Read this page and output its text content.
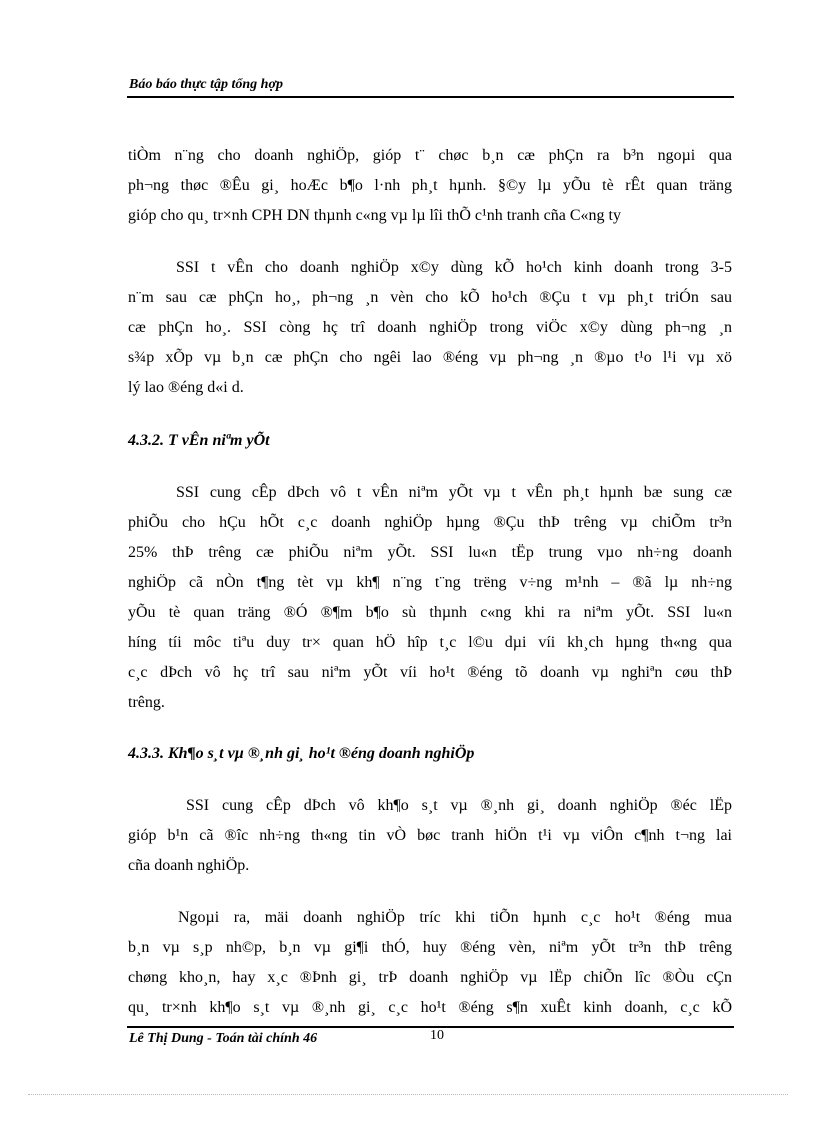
Báo báo thực tập tổng hợp
tiÒm n¨ng cho doanh nghiÖp, gióp t¨ chøc b¸n cæ phÇn ra b³n ngoµi qua
ph¬ng thøc ®Êu gi¸ hoÆc b¶o l·nh ph¸t hµnh. §©y lµ yÕu tè rÊt quan träng
gióp cho qu¸ tr×nh CPH DN thµnh c«ng vµ lµ lîi thÕ c¹nh tranh cña C«ng ty
SSI t vÊn cho doanh nghiÖp x©y dùng kÕ ho¹ch kinh doanh trong 3-5
n¨m sau cæ phÇn ho¸, ph¬ng ¸n vèn cho kÕ ho¹ch ®Çu t vµ ph¸t triÓn sau
cæ phÇn ho¸. SSI còng hç trî doanh nghiÖp trong viÖc x©y dùng ph¬ng ¸n
s¾p xÕp vµ b¸n cæ phÇn cho ngêi lao ®éng vµ ph¬ng ¸n ®µo t¹o l¹i vµ xö
lý lao ®éng d«i d.
4.3.2. T vÊn niªm yÕt
SSI cung cÊp dÞch vô t vÊn niªm yÕt vµ t vÊn ph¸t hµnh bæ sung cæ
phiÕu cho hÇu hÕt c¸c doanh nghiÖp hµng ®Çu thÞ trêng vµ chiÕm tr³n
25% thÞ trêng cæ phiÕu niªm yÕt. SSI lu«n tËp trung vµo nh÷ng doanh
nghiÖp cã nÒn t¶ng tèt vµ kh¶ n¨ng t¨ng trëng v÷ng m¹nh – ®ã lµ nh÷ng
yÕu tè quan träng ®Ó ®¶m b¶o sù thµnh c«ng khi ra niªm yÕt. SSI lu«n
híng tíi môc tiªu duy tr× quan hÖ hîp t¸c l©u dµi víi kh¸ch hµng th«ng qua
c¸c dÞch vô hç trî sau niªm yÕt víi ho¹t ®éng tõ doanh vµ nghiªn cøu thÞ
trêng.
4.3.3. Kh¶o s¸t vµ ®¸nh gi¸ ho¹t ®éng doanh nghiÖp
SSI cung cÊp dÞch vô kh¶o s¸t vµ ®¸nh gi¸ doanh nghiÖp ®éc lËp
gióp b¹n cã ®îc nh÷ng th«ng tin vÒ bøc tranh hiÖn t¹i vµ viÔn c¶nh t¬ng lai
cña doanh nghiÖp.
Ngoµi ra, mäi doanh nghiÖp tríc khi tiÕn hµnh c¸c ho¹t ®éng mua
b¸n vµ s¸p nh©p, b¸n vµ gi¶i thÓ, huy ®éng vèn, niªm yÕt tr³n thÞ trêng
chøng kho¸n, hay x¸c ®Þnh gi¸ trÞ doanh nghiÖp vµ lËp chiÕn lîc ®Òu cÇn
qu¸ tr×nh kh¶o s¸t vµ ®¸nh gi¸ c¸c ho¹t ®éng s¶n xuÊt kinh doanh, c¸c kÕ
Lê Thị Dung - Toán tài chính 46	10
